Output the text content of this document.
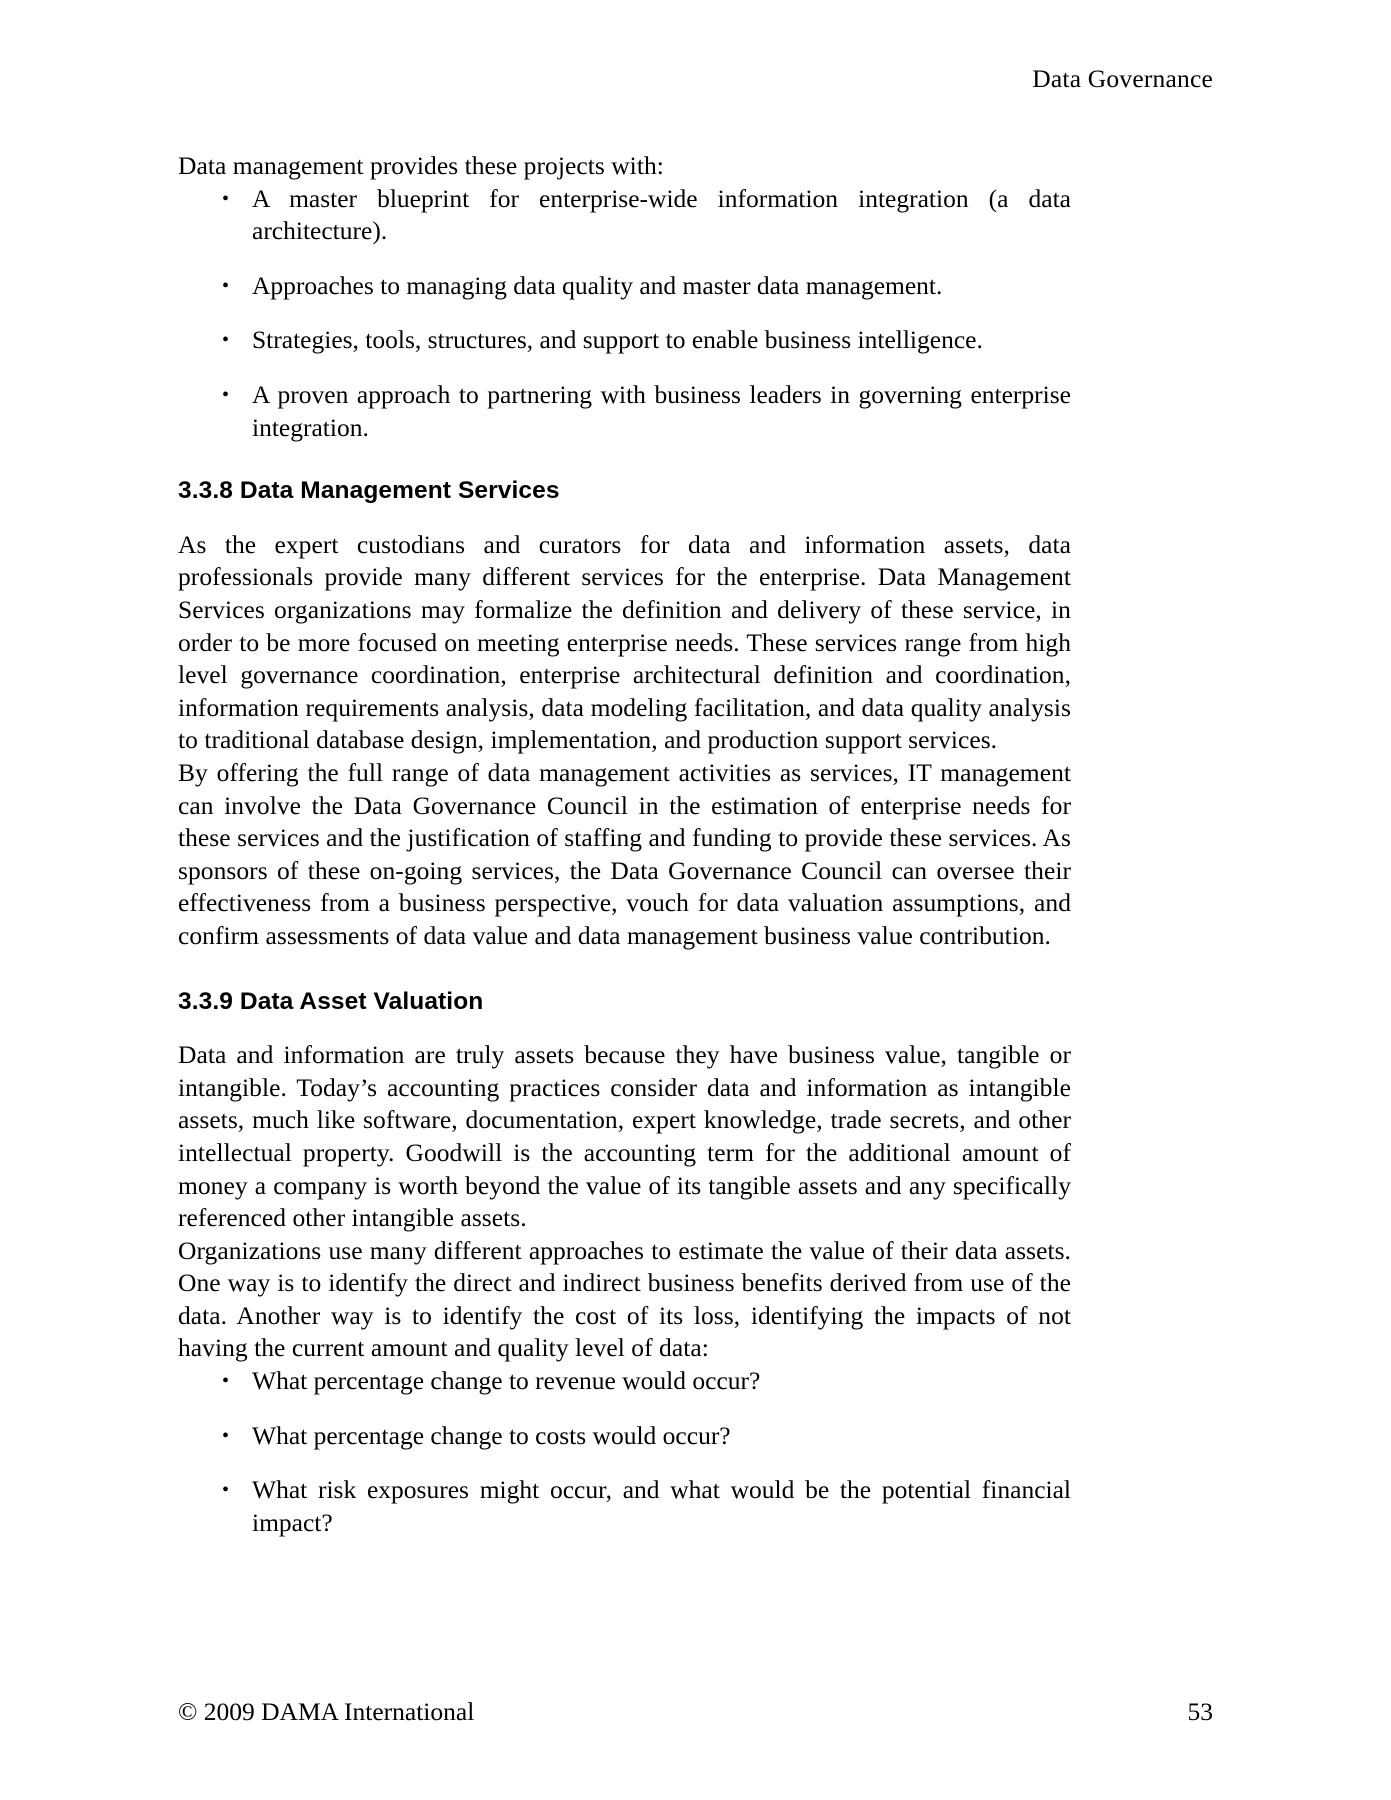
Data Governance

Data management provides these projects with:

• A master blueprint for enterprise-wide information integration (a data architecture).
• Approaches to managing data quality and master data management.
• Strategies, tools, structures, and support to enable business intelligence.
• A proven approach to partnering with business leaders in governing enterprise integration.
3.3.8 Data Management Services

As the expert custodians and curators for data and information assets, data professionals provide many different services for the enterprise. Data Management Services organizations may formalize the definition and delivery of these service, in order to be more focused on meeting enterprise needs. These services range from high level governance coordination, enterprise architectural definition and coordination, information requirements analysis, data modeling facilitation, and data quality analysis to traditional database design, implementation, and production support services.

By offering the full range of data management activities as services, IT management can involve the Data Governance Council in the estimation of enterprise needs for these services and the justification of staffing and funding to provide these services. As sponsors of these on-going services, the Data Governance Council can oversee their effectiveness from a business perspective, vouch for data valuation assumptions, and confirm assessments of data value and data management business value contribution.

3.3.9 Data Asset Valuation

Data and information are truly assets because they have business value, tangible or intangible. Today’s accounting practices consider data and information as intangible assets, much like software, documentation, expert knowledge, trade secrets, and other intellectual property. Goodwill is the accounting term for the additional amount of money a company is worth beyond the value of its tangible assets and any specifically referenced other intangible assets.

Organizations use many different approaches to estimate the value of their data assets. One way is to identify the direct and indirect business benefits derived from use of the data. Another way is to identify the cost of its loss, identifying the impacts of not having the current amount and quality level of data:

• What percentage change to revenue would occur?
• What percentage change to costs would occur?
• What risk exposures might occur, and what would be the potential financial impact?
© 2009 DAMA International	53
